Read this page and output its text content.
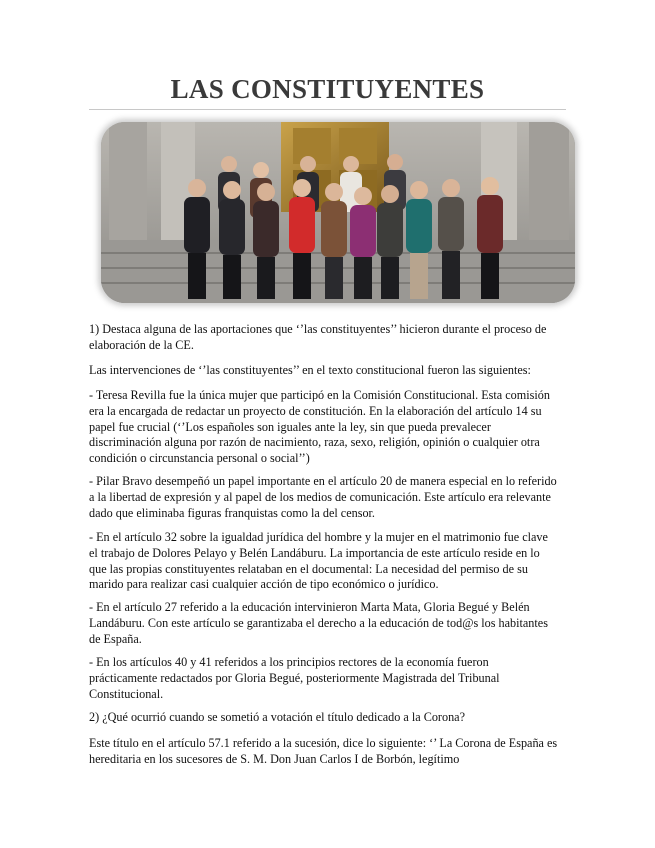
LAS CONSTITUYENTES

1) Destaca alguna de las aportaciones que ‘’las constituyentes’’ hicieron durante el proceso de elaboración de la CE.

Las intervenciones de ‘’las constituyentes’’ en el texto constitucional fueron las siguientes:

- Teresa Revilla fue la única mujer que participó en la Comisión Constitucional. Esta comisión era la encargada de redactar un proyecto de constitución. En la elaboración del artículo 14 su papel fue crucial (‘’Los españoles son iguales ante la ley, sin que pueda prevalecer discriminación alguna por razón de nacimiento, raza, sexo, religión, opinión o cualquier otra condición o circunstancia personal o social’’)

- Pilar Bravo desempeñó un papel importante en el artículo 20 de manera especial en lo referido a la libertad de expresión y al papel de los medios de comunicación. Este artículo era relevante dado que eliminaba figuras franquistas como la del censor.

- En el artículo 32 sobre la igualdad jurídica del hombre y la mujer en el matrimonio fue clave el trabajo de Dolores Pelayo y Belén Landáburu. La importancia de este artículo reside en lo que las propias constituyentes relataban en el documental: La necesidad del permiso de su marido para realizar casi cualquier acción de tipo económico o jurídico.

- En el artículo 27 referido a la educación intervinieron Marta Mata, Gloria Begué y Belén Landáburu. Con este artículo se garantizaba el derecho a la educación de tod@s los habitantes de España.

- En los artículos 40 y 41 referidos a los principios rectores de la economía fueron prácticamente redactados por Gloria Begué, posteriormente Magistrada del Tribunal Constitucional.

2) ¿Qué ocurrió cuando se sometió a votación el título dedicado a la Corona?

Este título en el artículo 57.1 referido a la sucesión, dice lo siguiente: ‘’ La Corona de España es hereditaria en los sucesores de S. M. Don Juan Carlos I de Borbón, legítimo
